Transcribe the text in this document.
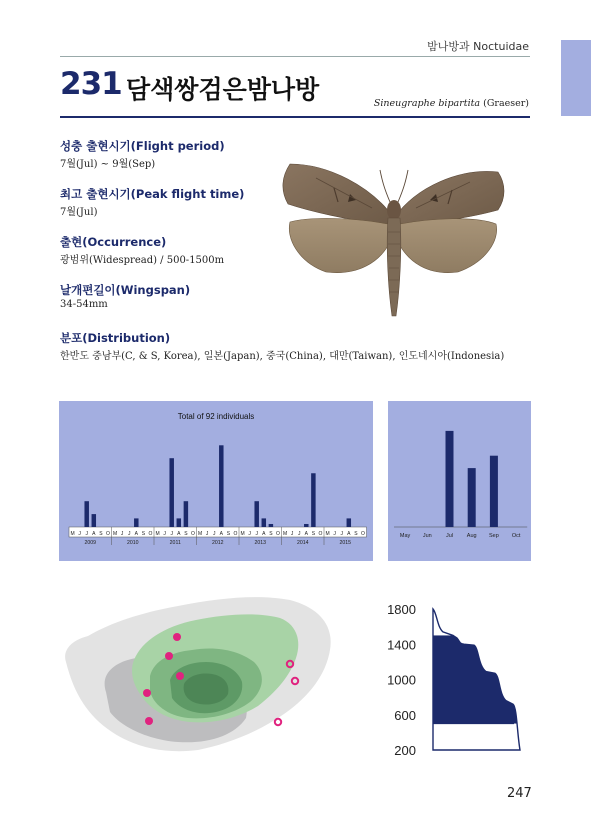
밤나방과 Noctuidae
231 담색쌍검은밤나방	Sineugraphe bipartita (Graeser)
성충 출현시기(Flight period)
7월(Jul) ~ 9월(Sep)
최고 출현시기(Peak flight time)
7월(Jul)
출현(Occurrence)
광범위(Widespread) / 500-1500m
날개편길이(Wingspan)
34-54mm
분포(Distribution)
한반도 중남부(C, & S, Korea), 일본(Japan), 중국(China), 대만(Taiwan), 인도네시아(Indonesia)
Total of 92 individuals
M J J A S O
2009
M J J A S O
2010
M J J A S O
2011
M J J A S O
2012
M J J A S O
2013
M J J A S O
2014
M J J A S O
2015
May Jun	Jul	Aug Sep Oct
1800
1400
1000
600
200
247
